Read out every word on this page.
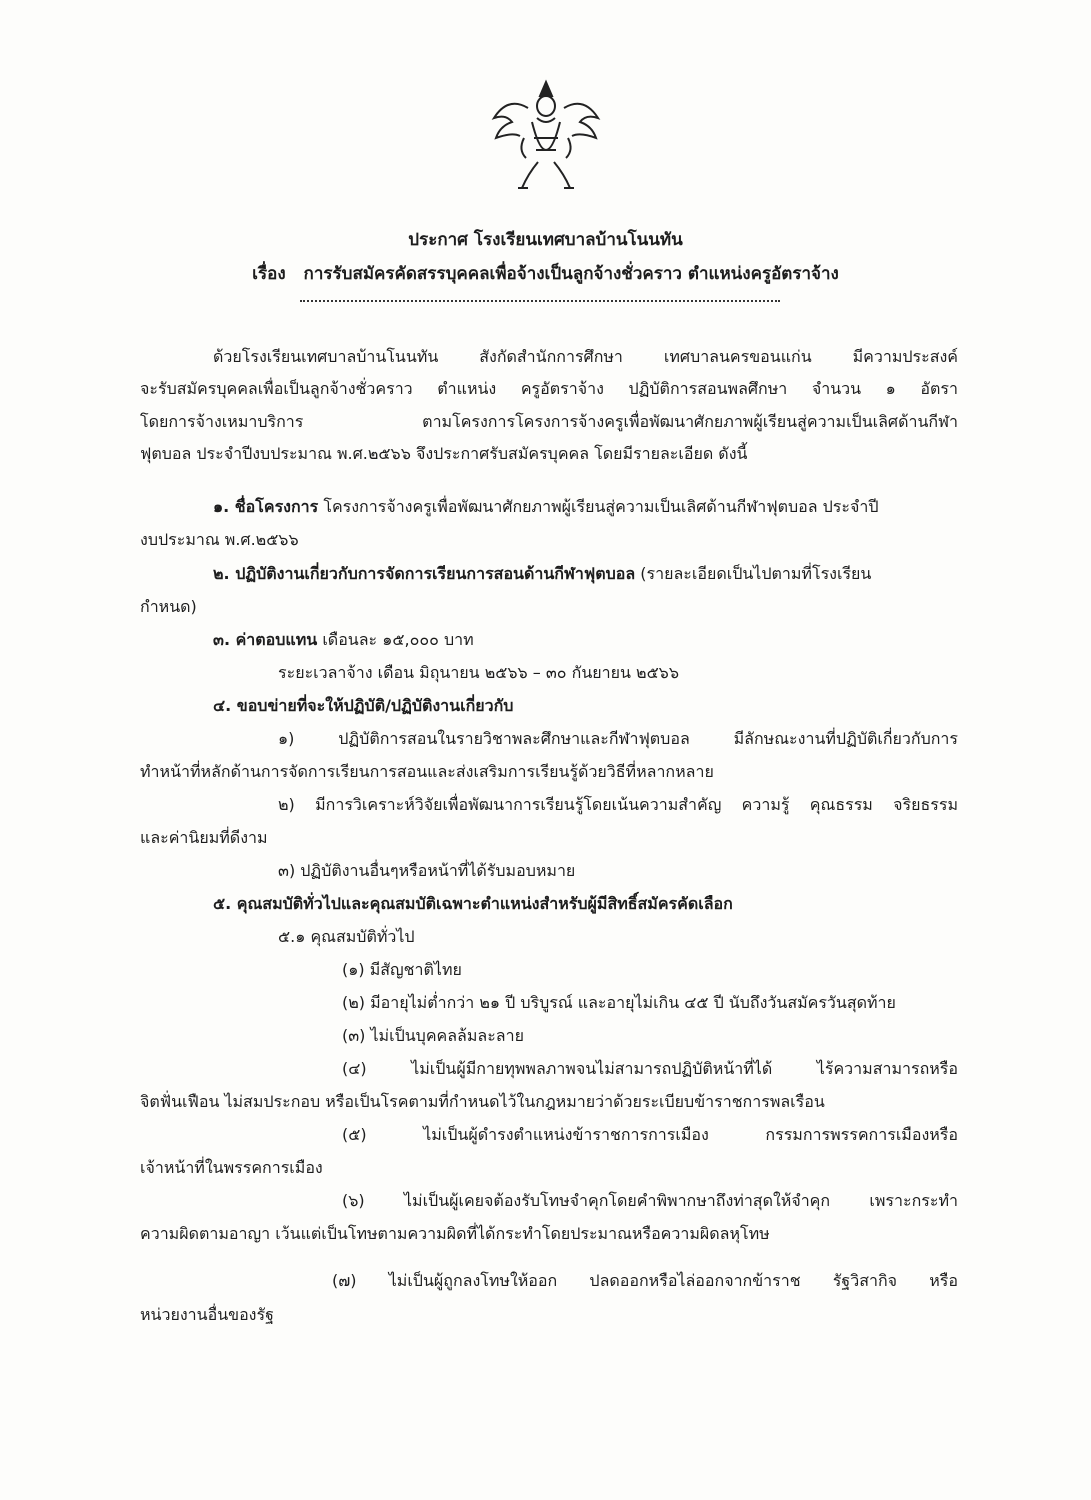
ประกาศ โรงเรียนเทศบาลบ้านโนนทัน
เรื่อง การรับสมัครคัดสรรบุคคลเพื่อจ้างเป็นลูกจ้างชั่วคราว ตำแหน่งครูอัตราจ้าง
ด้วยโรงเรียนเทศบาลบ้านโนนทัน สังกัดสำนักการศึกษา เทศบาลนครขอนแก่น มีความประสงค์
จะรับสมัครบุคคลเพื่อเป็นลูกจ้างชั่วคราว ตำแหน่ง ครูอัตราจ้าง ปฏิบัติการสอนพลศึกษา จำนวน ๑ อัตรา
โดยการจ้างเหมาบริการ ตามโครงการโครงการจ้างครูเพื่อพัฒนาศักยภาพผู้เรียนสู่ความเป็นเลิศด้านกีฬา
ฟุตบอล ประจำปีงบประมาณ พ.ศ.๒๕๖๖ จึงประกาศรับสมัครบุคคล โดยมีรายละเอียด ดังนี้
๑. ชื่อโครงการ โครงการจ้างครูเพื่อพัฒนาศักยภาพผู้เรียนสู่ความเป็นเลิศด้านกีฬาฟุตบอล ประจำปี
งบประมาณ พ.ศ.๒๕๖๖
๒. ปฏิบัติงานเกี่ยวกับการจัดการเรียนการสอนด้านกีฬาฟุตบอล (รายละเอียดเป็นไปตามที่โรงเรียน
กำหนด)
๓. ค่าตอบแทน เดือนละ ๑๕,๐๐๐ บาท
ระยะเวลาจ้าง เดือน มิถุนายน ๒๕๖๖ – ๓๐ กันยายน ๒๕๖๖
๔. ขอบข่ายที่จะให้ปฏิบัติ/ปฏิบัติงานเกี่ยวกับ
๑) ปฏิบัติการสอนในรายวิชาพละศึกษาและกีฬาฟุตบอล มีลักษณะงานที่ปฏิบัติเกี่ยวกับการ
ทำหน้าที่หลักด้านการจัดการเรียนการสอนและส่งเสริมการเรียนรู้ด้วยวิธีที่หลากหลาย
๒) มีการวิเคราะห์วิจัยเพื่อพัฒนาการเรียนรู้โดยเน้นความสำคัญ ความรู้ คุณธรรม จริยธรรม
และค่านิยมที่ดีงาม
๓) ปฏิบัติงานอื่นๆหรือหน้าที่ได้รับมอบหมาย
๕. คุณสมบัติทั่วไปและคุณสมบัติเฉพาะตำแหน่งสำหรับผู้มีสิทธิ์สมัครคัดเลือก
๕.๑ คุณสมบัติทั่วไป
(๑) มีสัญชาติไทย
(๒) มีอายุไม่ต่ำกว่า ๒๑ ปี บริบูรณ์ และอายุไม่เกิน ๔๕ ปี นับถึงวันสมัครวันสุดท้าย
(๓) ไม่เป็นบุคคลล้มละลาย
(๔) ไม่เป็นผู้มีกายทุพพลภาพจนไม่สามารถปฏิบัติหน้าที่ได้ ไร้ความสามารถหรือ
จิตฟั่นเฟือน ไม่สมประกอบ หรือเป็นโรคตามที่กำหนดไว้ในกฎหมายว่าด้วยระเบียบข้าราชการพลเรือน
(๕) ไม่เป็นผู้ดำรงตำแหน่งข้าราชการการเมือง กรรมการพรรคการเมืองหรือ
เจ้าหน้าที่ในพรรคการเมือง
(๖) ไม่เป็นผู้เคยจต้องรับโทษจำคุกโดยคำพิพากษาถึงท่าสุดให้จำคุก เพราะกระทำ
ความผิดตามอาญา เว้นแต่เป็นโทษตามความผิดที่ได้กระทำโดยประมาณหรือความผิดลหุโทษ
(๗) ไม่เป็นผู้ถูกลงโทษให้ออก ปลดออกหรือไล่ออกจากข้าราช รัฐวิสากิจ หรือ
หน่วยงานอื่นของรัฐ
